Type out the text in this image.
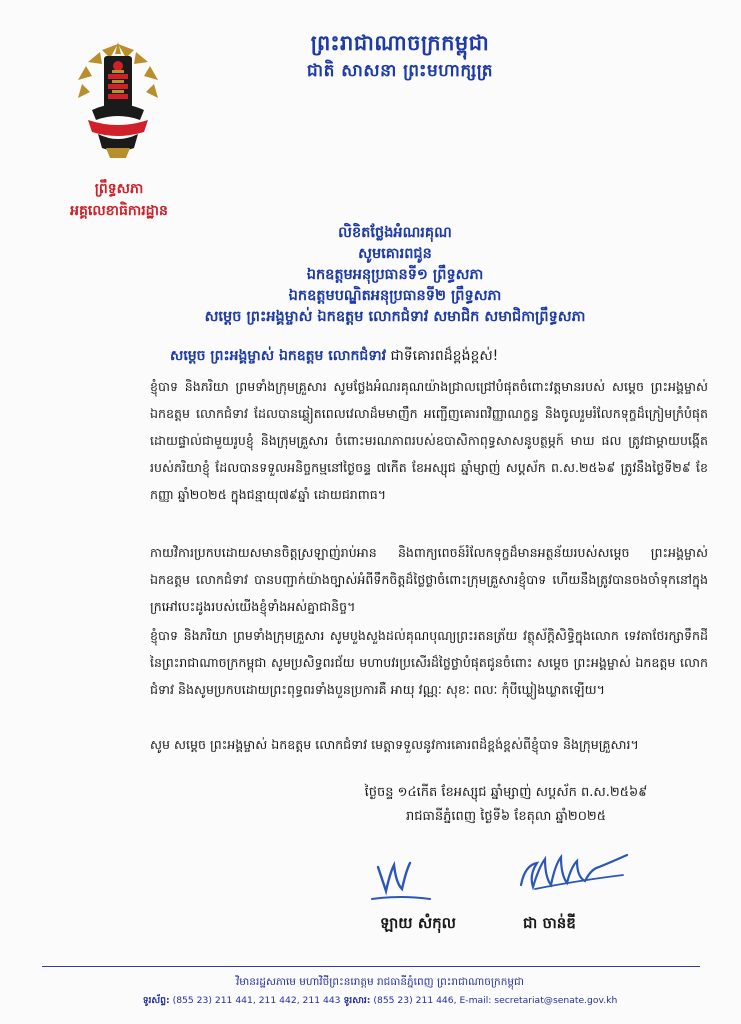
ព្រឹទ្ធសភា
អគ្គលេខាធិការដ្ឋាន
ព្រះរាជាណាចក្រកម្ពុជា
ជាតិ សាសនា ព្រះមហាក្សត្រ
លិខិតថ្លែងអំណរគុណ
សូមគោរពជូន
ឯកឧត្ដមអនុប្រធានទី១ ព្រឹទ្ធសភា
ឯកឧត្ដមបណ្ឌិតអនុប្រធានទី២ ព្រឹទ្ធសភា
សម្ដេច ព្រះអង្គម្ចាស់ ឯកឧត្ដម លោកជំទាវ សមាជិក សមាជិកាព្រឹទ្ធសភា
សម្ដេច ព្រះអង្គម្ចាស់ ឯកឧត្ដម លោកជំទាវ ជាទីគោរពដ៏ខ្ពង់ខ្ពស់!
ខ្ញុំបាទ និងភរិយា ព្រមទាំងក្រុមគ្រួសារ សូមថ្លែងអំណរគុណយ៉ាងជ្រាលជ្រៅបំផុតចំពោះវត្តមានរបស់ សម្ដេច ព្រះអង្គម្ចាស់ ឯកឧត្ដម លោកជំទាវ ដែលបានឆ្លៀតពេលវេលាដ៏មមាញឹក អញ្ជើញគោរពវិញ្ញាណក្ខន្ធ និងចូលរួមរំលែកទុក្ខដ៏ក្រៀមក្រំបំផុតដោយផ្ទាល់ជាមួយរូបខ្ញុំ និងក្រុមគ្រួសារ ចំពោះមរណភាពរបស់ឧបាសិកាពុទ្ធសាសនូបត្ថម្ភក៍ មាឃ ផល ត្រូវជាម្ដាយបង្កើតរបស់ភរិយាខ្ញុំ ដែលបានទទួលអនិច្ចកម្មនៅថ្ងៃចន្ទ ៧កើត ខែអស្សុជ ឆ្នាំម្សាញ់ សប្ដស័ក ព.ស.២៥៦៩ ត្រូវនឹងថ្ងៃទី២៩ ខែកញ្ញា ឆ្នាំ២០២៥ ក្នុងជន្មាយុ៧៩ឆ្នាំ ដោយជរាពាធ។
កាយវិការប្រកបដោយសមានចិត្តស្រឡាញ់រាប់អាន និងពាក្យពេចន៍រំលែកទុក្ខដ៏មានអត្ថន័យរបស់សម្ដេច ព្រះអង្គម្ចាស់ ឯកឧត្ដម លោកជំទាវ បានបញ្ជាក់យ៉ាងច្បាស់អំពីទឹកចិត្តដ៏ថ្លៃថ្លាចំពោះក្រុមគ្រួសារខ្ញុំបាទ ហើយនឹងត្រូវបានចងចាំទុកនៅក្នុងក្រអៅបេះដូងរបស់យើងខ្ញុំទាំងអស់គ្នាជានិច្ច។
ខ្ញុំបាទ និងភរិយា ព្រមទាំងក្រុមគ្រួសារ សូមបួងសួងដល់គុណបុណ្យព្រះរតនត្រ័យ វត្ថុស័ក្ដិសិទ្ធិក្នុងលោក ទេវតាថែរក្សាទឹកដីនៃព្រះរាជាណាចក្រកម្ពុជា សូមប្រសិទ្ធពរជ័យ មហាបវរប្រសើរដ៏ថ្លៃថ្លាបំផុតជូនចំពោះ សម្ដេច ព្រះអង្គម្ចាស់ ឯកឧត្ដម លោកជំទាវ និងសូមប្រកបដោយព្រះពុទ្ធពរទាំងបួនប្រការគឺ អាយុ វណ្ណៈ សុខៈ ពលៈ កុំបីឃ្លៀងឃ្លាតឡើយ។
សូម សម្ដេច ព្រះអង្គម្ចាស់ ឯកឧត្ដម លោកជំទាវ មេត្តាទទួលនូវការគោរពដ៏ខ្ពង់ខ្ពស់ពីខ្ញុំបាទ និងក្រុមគ្រួសារ។
ថ្ងៃចន្ទ ១៤កើត ខែអស្សុជ ឆ្នាំម្សាញ់ សប្ដស័ក ព.ស.២៥៦៩
រាជធានីភ្នំពេញ ថ្ងៃទី៦ ខែតុលា ឆ្នាំ២០២៥
ឡាយ សំកុល	ជា ចាន់ឌី
វិមានរដ្ឋសភាមេ មហាវិថីព្រះនរោត្ដម រាជធានីភ្នំពេញ ព្រះរាជាណាចក្រកម្ពុជា
ទូរស័ព្ទ: (855 23) 211 441, 211 442, 211 443 ទូរសារ: (855 23) 211 446, E-mail: secretariat@senate.gov.kh
